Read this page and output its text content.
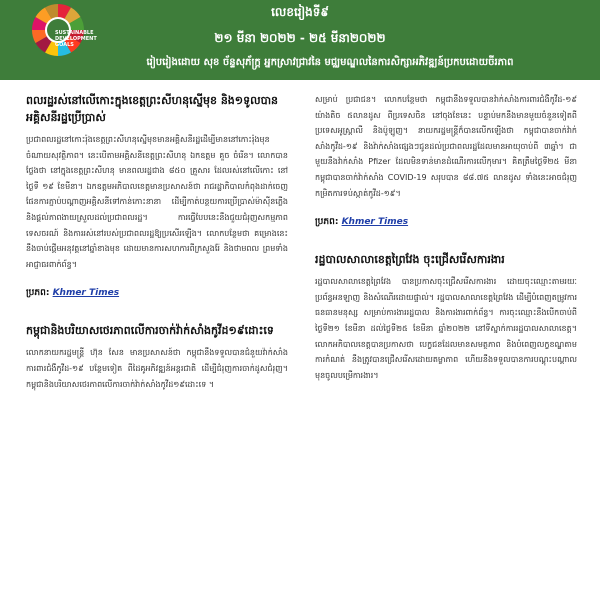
SUSTAINABLE
DEVELOPMENT
GOALS
លេខរៀងទី៩
២១ មីនា ២០២២ - ២៥ មីនា២០២២
រៀបរៀងដោយ សុខ ច័ន្ទសុភ័ក្ត្រ អ្នកស្រាវជ្រាវនៃ មជ្ឈមណ្ឌលនៃការសិក្សាអភិវឌ្ឍន៍ប្រកបដោយចីរភាព
ពលរដ្ឋរស់នៅលើកោះក្នុងខេត្តព្រះសីហនុស្នើមុខ និង១ទូលបានអគ្គិសនីរដ្ឋប្រើប្រាស់

ប្រជាពលរដ្ឋនៅកោះរ៉ុងខេត្តព្រះសីហនុស្នើមុខមានអគ្គិសនីរដ្ឋដើម្បីមាននៅកោះរ៉ុងមុនចំណាយសុវត្ថិភាព។ នេះបើតាមអគ្គិសនីខេត្តព្រះសីហនុ ឯកឧត្តម គួច ចំរើន។ លោកបានថ្លែងថា នៅក្នុងខេត្តព្រះសីហនុ មានពលរដ្ឋជាង ៨៥០ គ្រួសារ ដែលរស់នៅលើកោះ នៅថ្ងៃទី ១៩ ខែមីនា។ ឯកឧត្តមអភិបាលខេត្តមានប្រសាសន៍ថា រាជរដ្ឋាភិបាលកំពុងដាក់ចេញផែនការភ្ជាប់បណ្តាញអគ្គិសនីទៅកាន់កោះនានា ដើម្បីកាត់បន្ថយការប្រើប្រាស់ម៉ាស៊ីនភ្លើង និងផ្តល់ភាពងាយស្រួលដល់ប្រជាពលរដ្ឋ។ ការធ្វើបែបនេះនឹងជួយជំរុញសកម្មភាពទេសចរណ៍ និងការរស់នៅរបស់ប្រជាពលរដ្ឋឱ្យប្រសើរឡើង។ លោកបន្ថែមថា គម្រោងនេះនឹងចាប់ផ្តើមអនុវត្តនៅឆ្នាំខាងមុខ ដោយមានការសហការពីក្រសួងរ៉ែ និងថាមពល ព្រមទាំងអាជ្ញាធរពាក់ព័ន្ធ។

ប្រភព: Khmer Times
កម្ពុជានិងបរិយាសថេរភាពលើការចាក់វ៉ាក់សាំងកូវីដ១៩ដោះទេ

លោកនាយករដ្ឋមន្ត្រី ហ៊ុន សែន មានប្រសាសន៍ថា កម្ពុជានឹងទទួលបានជំនួយវ៉ាក់សាំងការពារជំងឺកូវីដ-១៩ បន្ថែមទៀត ពីដៃគូអភិវឌ្ឍន៍អន្តរជាតិ ដើម្បីជំរុញការចាក់ដូសជំរុញ។ កម្ពុជានិងបរិយាសថេរភាពលើការចាក់វ៉ាក់សាំងកូវីដ១៩ដោះទេ ។

សម្រាប់ ប្រជាជន។ លោកបន្ថែមថា កម្ពុជានឹងទទួលបានវ៉ាក់សាំងការពារជំងឺកូវីដ-១៩ យ៉ាងតិច ៥លានដូស ពីប្រទេសចិន នៅចុងខែនេះ បន្ទាប់មកនឹងមានមួយចំនួនទៀតពីប្រទេសអូស្ត្រាលី និងប៉ូឡូញ។ នាយករដ្ឋមន្ត្រីក៏បានលើកឡើងថា កម្ពុជាបានចាក់វ៉ាក់សាំងកូវីដ-១៩ និងវ៉ាក់សាំងផ្សេងៗជូនដល់ប្រជាពលរដ្ឋដែលមានអាយុចាប់ពី ៣ឆ្នាំ។ ជាមួយនឹងវ៉ាក់សាំង Pfizer ដែលមិនទាន់មានដំណើរការលើកុមារ។ គិតត្រឹមថ្ងៃទី២៥ មីនា កម្ពុជាបានចាក់វ៉ាក់សាំង COVID-19 សរុបបាន ៨៨.៧៥ លានដូស ទាំងនេះអាចជំរុញកម្រិតការទប់ស្កាត់កូវីដ-១៩។

ប្រភព: Khmer Times
រដ្ឋបាលសាលាខេត្តព្រៃវែង ចុះជ្រើសរើសការងារ

រដ្ឋបាលសាលាខេត្តព្រៃវែង បានប្រកាសចុះជ្រើសរើសការងារ ដោយចុះឈ្មោះតាមរយៈប្រព័ន្ធអនឡាញ និងសំណើរដោយផ្ទាល់។ រដ្ឋបាលសាលាខេត្តព្រៃវែង ដើម្បីបំពេញតម្រូវការធនធានមនុស្ស សម្រាប់ការងាររដ្ឋបាល និងការងារពាក់ព័ន្ធ។ ការចុះឈ្មោះនឹងបើកចាប់ពីថ្ងៃទី២១ ខែមីនា ដល់ថ្ងៃទី២៥ ខែមីនា ឆ្នាំ២០២២ នៅទីស្នាក់ការរដ្ឋបាលសាលាខេត្ត។ លោកអភិបាលខេត្តបានប្រកាសថា បេក្ខជនដែលមានសមត្ថភាព និងបំពេញលក្ខខណ្ឌតាមការកំណត់ នឹងត្រូវបានជ្រើសរើសដោយតម្លាភាព ហើយនឹងទទួលបានការបណ្តុះបណ្តាលមុនចូលបម្រើការងារ។
